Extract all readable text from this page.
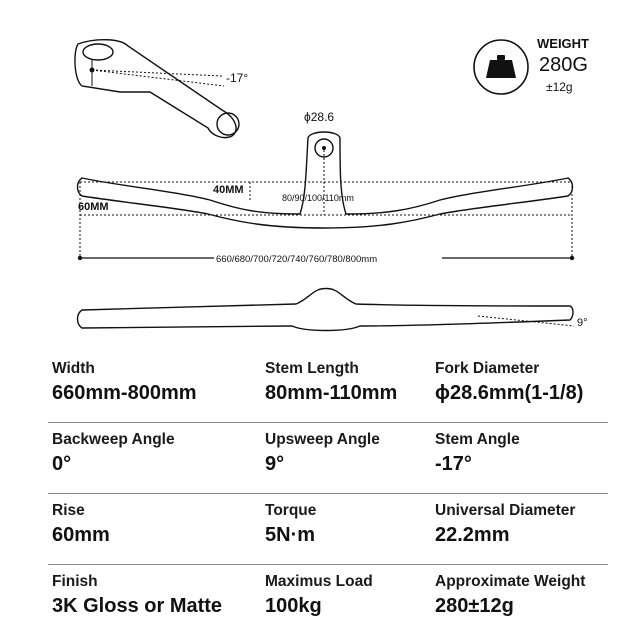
-17°
ϕ28.6
40MM
60MM
80/90/100/110mm
660/680/700/720/740/760/780/800mm
9°
WEIGHT
280G
±12g
Width
660mm-800mm
Stem Length
80mm-110mm
Fork Diameter
ϕ28.6mm(1-1/8)
Backweep Angle
0°
Upsweep Angle
9°
Stem Angle
-17°
Rise
60mm
Torque
5N·m
Universal Diameter
22.2mm
Finish
3K Gloss or Matte
Maximus Load
100kg
Approximate Weight
280±12g
